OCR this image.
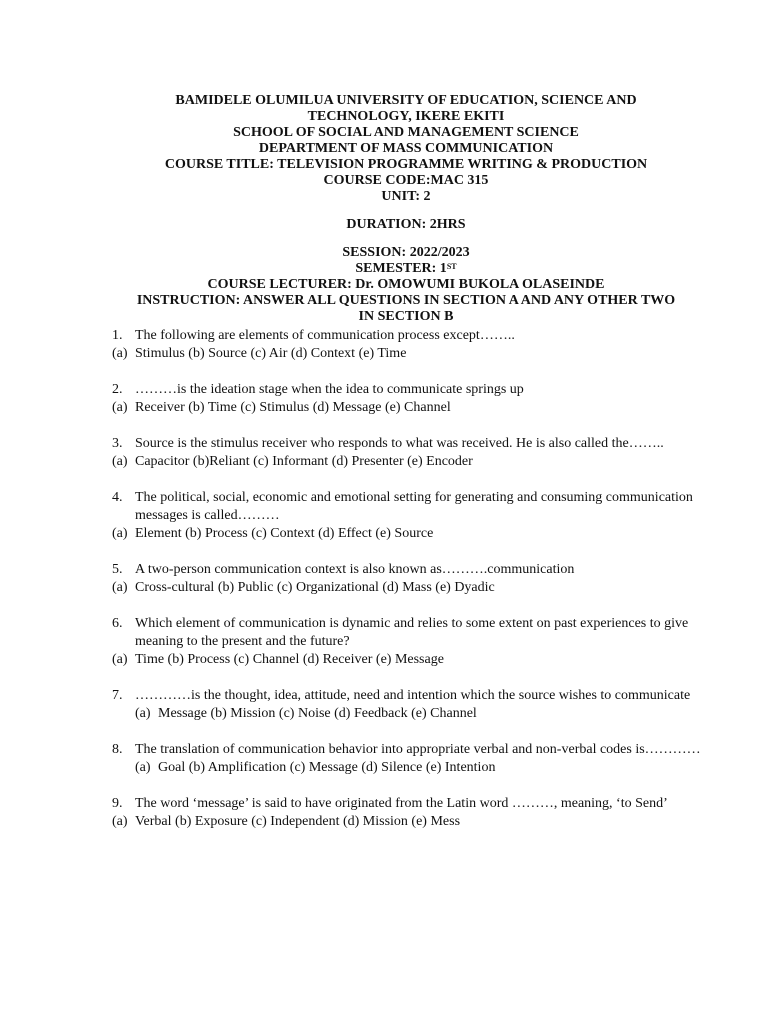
BAMIDELE OLUMILUA UNIVERSITY OF EDUCATION, SCIENCE AND
TECHNOLOGY, IKERE EKITI
SCHOOL OF SOCIAL AND MANAGEMENT SCIENCE
DEPARTMENT OF MASS COMMUNICATION
COURSE TITLE: TELEVISION PROGRAMME WRITING & PRODUCTION
COURSE CODE:MAC 315
UNIT: 2
DURATION: 2HRS
SESSION: 2022/2023
SEMESTER: 1ST
COURSE LECTURER: Dr. OMOWUMI BUKOLA OLASEINDE
INSTRUCTION: ANSWER ALL QUESTIONS IN SECTION A AND ANY OTHER TWO
IN SECTION B
1. The following are elements of communication process except……..
(a) Stimulus (b) Source (c) Air (d) Context (e) Time
2. ………is the ideation stage when the idea to communicate springs up
(a) Receiver (b) Time (c) Stimulus (d) Message (e) Channel
3. Source is the stimulus receiver who responds to what was received. He is also called the……..
(a) Capacitor (b)Reliant (c) Informant (d) Presenter (e) Encoder
4. The political, social, economic and emotional setting for generating and consuming communication messages is called………
(a) Element (b) Process (c) Context (d) Effect (e) Source
5. A two-person communication context is also known as……….communication
(a) Cross-cultural (b) Public (c) Organizational (d) Mass (e) Dyadic
6. Which element of communication is dynamic and relies to some extent on past experiences to give meaning to the present and the future?
(a) Time (b) Process (c) Channel (d) Receiver (e) Message
7. …………is the thought, idea, attitude, need and intention which the source wishes to communicate
(a) Message (b) Mission (c) Noise (d) Feedback (e) Channel
8. The translation of communication behavior into appropriate verbal and non-verbal codes is…………
(a) Goal (b) Amplification (c) Message (d) Silence (e) Intention
9. The word ‘message’ is said to have originated from the Latin word ………, meaning, ‘to Send’
(a) Verbal (b) Exposure (c) Independent (d) Mission (e) Mess
